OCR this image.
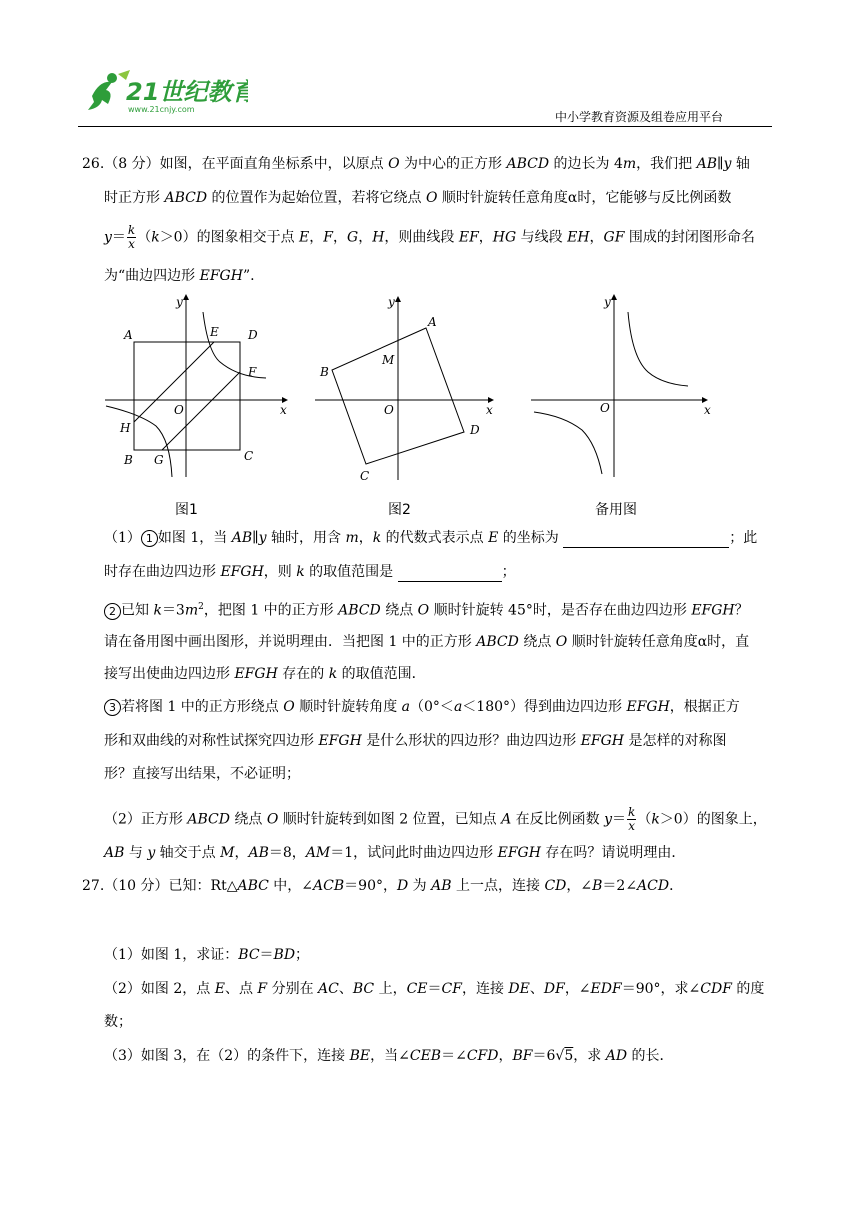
21世纪教育
www.21cnjy.com
中小学教育资源及组卷应用平台
26.（8 分）如图，在平面直角坐标系中，以原点 O 为中心的正方形 ABCD 的边长为 4m，我们把 AB∥y 轴
时正方形 ABCD 的位置作为起始位置，若将它绕点 O 顺时针旋转任意角度α时，它能够与反比例函数
$y= \frac{k}{x} (k>0)$的图象相交于点 E，F，G，H，则曲线段 EF，HG 与线段 EH，GF 围成的封闭图形命名
为“曲边四边形 EFGH”.
A	D
E
F
H
B G	C
O	x
y
图1
A
B
C
D
M
O	x
y
图2
O	x
y
备用图
（1） 1 如图 1，当 AB∥y 轴时，用含 m，k 的代数式表示点 E 的坐标为	；此
时存在曲边四边形 EFGH，则 k 的取值范围是	；
2 已知 $k=3m^2$，把图 1 中的正方形 ABCD 绕点 O 顺时针旋转 45°时，是否存在曲边四边形 EFGH？
请在备用图中画出图形，并说明理由．当把图 1 中的正方形 ABCD 绕点 O 顺时针旋转任意角度α时，直
接写出使曲边四边形 EFGH 存在的 k 的取值范围．
3 若将图 1 中的正方形绕点 O 顺时针旋转角度 a（0°＜a＜180°）得到曲边四边形 EFGH，根据正方
形和双曲线的对称性试探究四边形 EFGH 是什么形状的四边形？曲边四边形 EFGH 是怎样的对称图
形？直接写出结果，不必证明；
（2）正方形 ABCD 绕点 O 顺时针旋转到如图 2 位置，已知点 A 在反比例函数 $y= \frac{k}{x} (k>0)$的图象上，
AB 与 y 轴交于点 M，AB＝8，AM＝1，试问此时曲边四边形 EFGH 存在吗？请说明理由．
27.（10 分）已知：Rt△ABC 中，∠ACB＝90°，D 为 AB 上一点，连接 CD，∠B＝2∠ACD．
（1）如图 1，求证：BC＝BD；
（2）如图 2，点 E、点 F 分别在 AC、BC 上，CE＝CF，连接 DE、DF，∠EDF＝90°，求∠CDF 的度
数；
（3）如图 3，在（2）的条件下，连接 BE，当∠CEB＝∠CFD，BF＝6√5，求 AD 的长．
